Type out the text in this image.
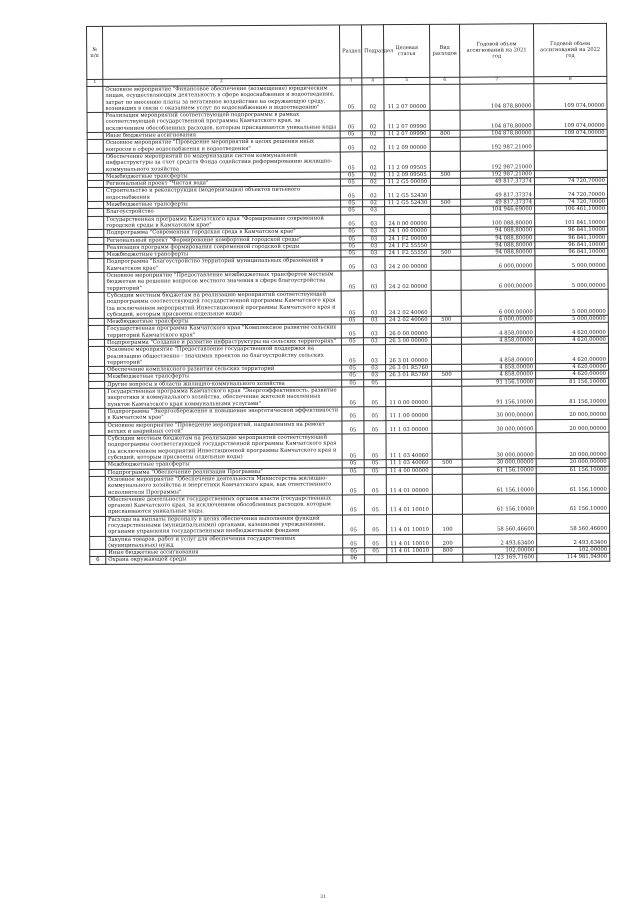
№ п/п		Раздел	Подраздел	Целевая статья	Вид расходов	Годовой объем ассигнований на 2021 год	Годовой объем ассигнований на 2022 год
1	2	3	4	5	6	7	8
	Основное мероприятие "Финансовое обеспечение (возмещение) юридическим лицам, осуществляющим деятельность в сфере водоснабжения и водоотведения, затрат по внесению платы за негативное воздействие на окружающую среду, возникших в связи с оказанием услуг по водоснабжению и водоотведению"	05	02	11 2 07 00000		104 878,80000	109 074,00000
	Реализация мероприятий соответствующей подпрограммы в рамках соответствующей государственной программы Камчатского края, за исключением обособленных расходов, которым присваиваются уникальные коды	05	02	11 2 07 09990		104 878,80000	109 074,00000
	Иные бюджетные ассигнования	05	02	11 2 07 09990	800	104 878,80000	109 074,00000
	Основное мероприятие "Проведение мероприятий в целях решения иных вопросов в сфере водоснабжения и водоотведения"	05	02	11 2 09 00000		192 987,21000	
	Обеспечение мероприятий по модернизации систем коммунальной инфраструктуры за счет средств Фонда содействия реформированию жилищно-коммунального хозяйства	05	02	11 2 09 09505		192 987,21000	
	Межбюджетные трансферты	05	02	11 2 09 09505	500	192 987,21000	
	Региональный проект "Чистая вода"	05	02	11 2 G5 00000		49 817,37374	74 720,70000
	Строительство и реконструкция (модернизация) объектов питьевого водоснабжения	05	02	11 2 G5 52430		49 817,37374	74 720,70000
	Межбюджетные трансферты	05	02	11 2 G5 52430	500	49 817,37374	74 720,70000
	Благоустройство	05	03			104 946,69000	106 461,10000
	Государственная программа Камчатского края "Формирование современной городской среды в Камчатском крае"	05	03	24 0 00 00000		100 088,80000	101 841,10000
	Подпрограмма "Современная городская среда в Камчатском крае"	05	03	24 1 00 00000		94 088,80000	96 841,10000
	Региональный проект "Формирование комфортной городской среды"	05	03	24 1 F2 00000		94 088,80000	96 841,10000
	Реализация программ формирования современной городской среды	05	03	24 1 F2 55550		94 088,80000	96 841,10000
	Межбюджетные трансферты	05	03	24 1 F2 55550	500	94 088,80000	96 841,10000
	Подпрограмма "Благоустройство территорий муниципальных образований в Камчатском крае"	05	03	24 2 00 00000		6 000,00000	5 000,00000
	Основное мероприятие "Предоставление межбюджетных трансфертов местным бюджетам на решение вопросов местного значения в сфере благоустройства территорий"	05	03	24 2 02 00000		6 000,00000	5 000,00000
	Субсидии местным бюджетам на реализацию мероприятий соответствующей подпрограммы соответствующей государственной программы Камчатского края (за исключением мероприятий Инвестиционной программы Камчатского края и субсидий, которым присвоены отдельные коды)	05	03	24 2 02 40060		6 000,00000	5 000,00000
	Межбюджетные трансферты	05	03	24 2 02 40060	500	6 000,00000	5 000,00000
	Государственная программа Камчатского края "Комплексное развитие сельских территорий Камчатского края"	05	03	26 0 00 00000		4 858,00000	4 620,00000
	Подпрограмма "Создание и развитие инфраструктуры на сельских территориях"	05	03	26 3 00 00000		4 858,00000	4 620,00000
	Основное мероприятие "Предоставление государственной поддержки на реализацию общественно - значимых проектов по благоустройству сельских территорий"	05	03	26 3 01 00000		4 858,00000	4 620,00000
	Обеспечение комплексного развития сельских территорий	05	03	26 3 01 R5760		4 858,00000	4 620,00000
	Межбюджетные трансферты	05	03	26 3 01 R5760	500	4 858,00000	4 620,00000
	Другие вопросы в области жилищно-коммунального хозяйства	05	05			91 156,10000	81 156,10000
	Государственная программа Камчатского края "Энергоэффективность, развитие энергетики и коммунального хозяйства, обеспечение жителей населенных пунктов Камчатского края коммунальными услугами"	05	05	11 0 00 00000		91 156,10000	81 156,10000
	Подпрограмма "Энергосбережение и повышение энергетической эффективности в Камчатском крае"	05	05	11 1 00 00000		30 000,00000	20 000,00000
	Основное мероприятие "Проведение мероприятий, направленных на ремонт ветхих и аварийных сетей"	05	05	11 1 03 00000		30 000,00000	20 000,00000
	Субсидии местным бюджетам на реализацию мероприятий соответствующей подпрограммы соответствующей государственной программы Камчатского края (за исключением мероприятий Инвестиционной программы Камчатского края и субсидий, которым присвоены отдельные коды)	05	05	11 1 03 40060		30 000,00000	20 000,00000
	Межбюджетные трансферты	05	05	11 1 03 40060	500	30 000,00000	20 000,00000
	Подпрограмма "Обеспечение реализации Программы"	05	05	11 4 00 00000		61 156,10000	61 156,10000
	Основное мероприятие "Обеспечение деятельности Министерства жилищно-коммунального хозяйства и энергетики Камчатского края, как ответственного исполнителя Программы"	05	05	11 4 01 00000		61 156,10000	61 156,10000
	Обеспечение деятельности государственных органов власти (государственных органов) Камчатского края, за исключением обособленных расходов, которым присваиваются уникальные коды.	05	05	11 4 01 10010		61 156,10000	61 156,10000
	Расходы на выплаты персоналу в целях обеспечения выполнения функций государственными (муниципальными) органами, казенными учреждениями, органами управления государственными внебюджетными фондами	05	05	11 4 01 10010	100	58 560,46600	58 560,46600
	Закупка товаров, работ и услуг для обеспечения государственных (муниципальных) нужд	05	05	11 4 01 10010	200	2 493,63400	2 493,63400
	Иные бюджетные ассигнования	05	05	11 4 01 10010	800	102,00000	102,00000
6	Охрана окружающей среды	06				123 169,71600	114 981,94900
31
